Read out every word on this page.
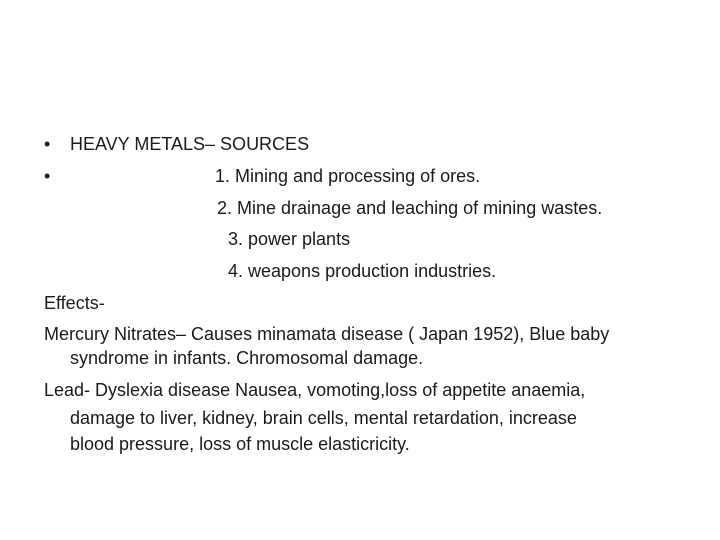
• HEAVY METALS– SOURCES
•	1. Mining and processing of ores.
2. Mine drainage and leaching of mining wastes.
3. power plants
4. weapons production industries.
Effects-
Mercury Nitrates– Causes minamata disease ( Japan 1952), Blue baby
syndrome in infants. Chromosomal damage.
Lead- Dyslexia disease Nausea, vomoting,loss of appetite anaemia,
damage to liver, kidney, brain cells, mental retardation, increase
blood pressure, loss of muscle elasticricity.
